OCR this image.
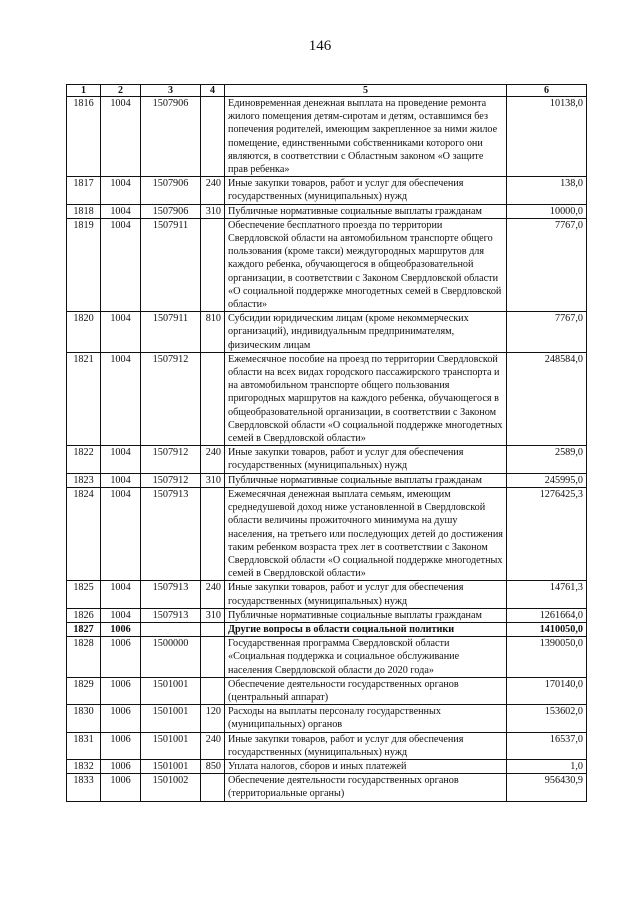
146
1	2	3	4	5	6
1816	1004	1507906		Единовременная денежная выплата на проведение ремонта жилого помещения детям-сиротам и детям, оставшимся без попечения родителей, имеющим закрепленное за ними жилое помещение, единственными собственниками которого они являются, в соответствии с Областным законом «О защите прав ребенка»	10138,0
1817	1004	1507906	240	Иные закупки товаров, работ и услуг для обеспечения государственных (муниципальных) нужд	138,0
1818	1004	1507906	310	Публичные нормативные социальные выплаты гражданам	10000,0
1819	1004	1507911		Обеспечение бесплатного проезда по территории Свердловской области на автомобильном транспорте общего пользования (кроме такси) междугородных маршрутов для каждого ребенка, обучающегося в общеобразовательной организации, в соответствии с Законом Свердловской области «О социальной поддержке многодетных семей в Свердловской области»	7767,0
1820	1004	1507911	810	Субсидии юридическим лицам (кроме некоммерческих организаций), индивидуальным предпринимателям, физическим лицам	7767,0
1821	1004	1507912		Ежемесячное пособие на проезд по территории Свердловской области на всех видах городского пассажирского транспорта и на автомобильном транспорте общего пользования пригородных маршрутов на каждого ребенка, обучающегося в общеобразовательной организации, в соответствии с Законом Свердловской области «О социальной поддержке многодетных семей в Свердловской области»	248584,0
1822	1004	1507912	240	Иные закупки товаров, работ и услуг для обеспечения государственных (муниципальных) нужд	2589,0
1823	1004	1507912	310	Публичные нормативные социальные выплаты гражданам	245995,0
1824	1004	1507913		Ежемесячная денежная выплата семьям, имеющим среднедушевой доход ниже установленной в Свердловской области величины прожиточного минимума на душу населения, на третьего или последующих детей до достижения таким ребенком возраста трех лет в соответствии с Законом Свердловской области «О социальной поддержке многодетных семей в Свердловской области»	1276425,3
1825	1004	1507913	240	Иные закупки товаров, работ и услуг для обеспечения государственных (муниципальных) нужд	14761,3
1826	1004	1507913	310	Публичные нормативные социальные выплаты гражданам	1261664,0
1827	1006			Другие вопросы в области социальной политики	1410050,0
1828	1006	1500000		Государственная программа Свердловской области «Социальная поддержка и социальное обслуживание населения Свердловской области до 2020 года»	1390050,0
1829	1006	1501001		Обеспечение деятельности государственных органов (центральный аппарат)	170140,0
1830	1006	1501001	120	Расходы на выплаты персоналу государственных (муниципальных) органов	153602,0
1831	1006	1501001	240	Иные закупки товаров, работ и услуг для обеспечения государственных (муниципальных) нужд	16537,0
1832	1006	1501001	850	Уплата налогов, сборов и иных платежей	1,0
1833	1006	1501002		Обеспечение деятельности государственных органов (территориальные органы)	956430,9
